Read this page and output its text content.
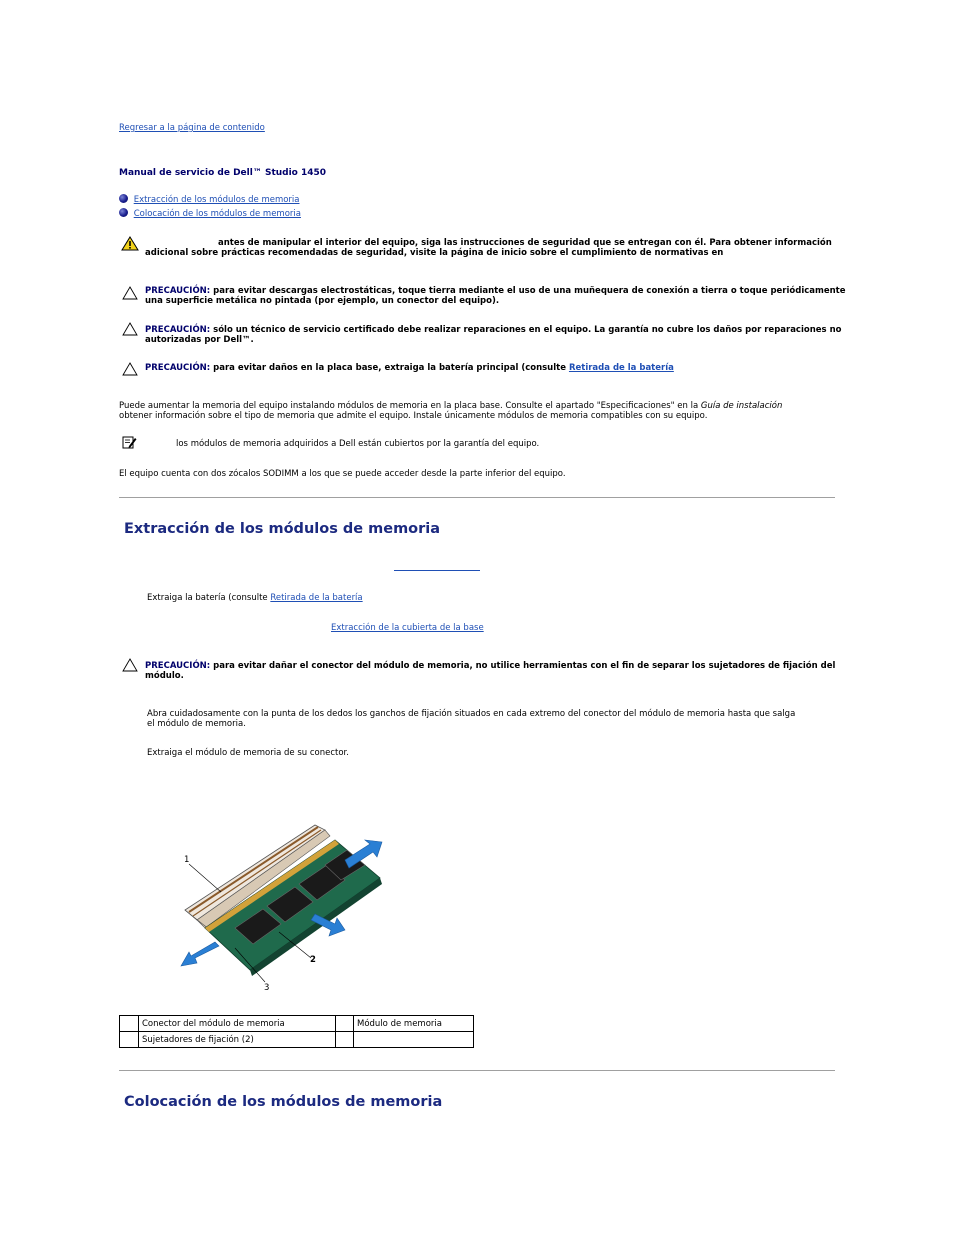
Regresar a la página de contenido
Manual de servicio de Dell™ Studio 1450
Extracción de los módulos de memoria
Colocación de los módulos de memoria
antes de manipular el interior del equipo, siga las instrucciones de seguridad que se entregan con él. Para obtener información
adicional sobre prácticas recomendadas de seguridad, visite la página de inicio sobre el cumplimiento de normativas en
PRECAUCIÓN: para evitar descargas electrostáticas, toque tierra mediante el uso de una muñequera de conexión a tierra o toque periódicamente
una superficie metálica no pintada (por ejemplo, un conector del equipo).
PRECAUCIÓN: sólo un técnico de servicio certificado debe realizar reparaciones en el equipo. La garantía no cubre los daños por reparaciones no
autorizadas por Dell™.
PRECAUCIÓN: para evitar daños en la placa base, extraiga la batería principal (consulte Retirada de la batería
Puede aumentar la memoria del equipo instalando módulos de memoria en la placa base. Consulte el apartado "Especificaciones" en la Guía de instalación
obtener información sobre el tipo de memoria que admite el equipo. Instale únicamente módulos de memoria compatibles con su equipo.
los módulos de memoria adquiridos a Dell están cubiertos por la garantía del equipo.
El equipo cuenta con dos zócalos SODIMM a los que se puede acceder desde la parte inferior del equipo.
Extracción de los módulos de memoria
Extraiga la batería (consulte Retirada de la batería
Extracción de la cubierta de la base
PRECAUCIÓN: para evitar dañar el conector del módulo de memoria, no utilice herramientas con el fin de separar los sujetadores de fijación del
módulo.
Abra cuidadosamente con la punta de los dedos los ganchos de fijación situados en cada extremo del conector del módulo de memoria hasta que salga
el módulo de memoria.
Extraiga el módulo de memoria de su conector.
1
2
3
	Conector del módulo de memoria		Módulo de memoria
	Sujetadores de fijación (2)		
Colocación de los módulos de memoria
